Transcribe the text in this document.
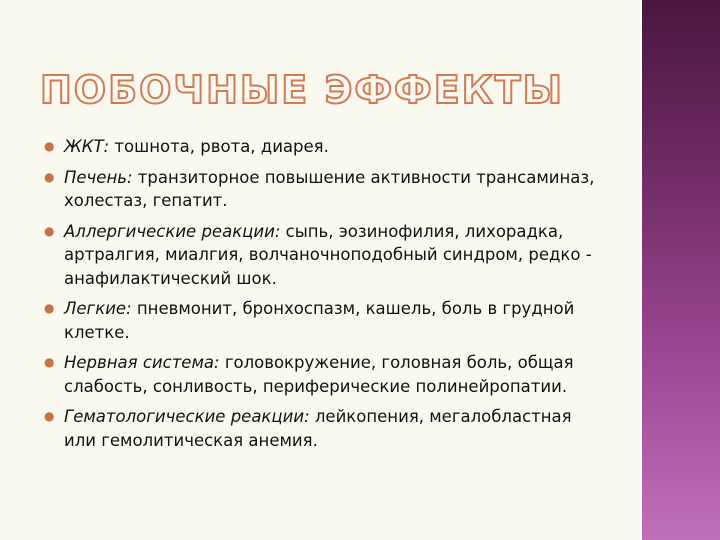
ПОБОЧНЫЕ ЭФФЕКТЫ
● ЖКТ: тошнота, рвота, диарея.
● Печень: транзиторное повышение активности трансаминаз, холестаз, гепатит.
● Аллергические реакции: сыпь, эозинофилия, лихорадка, артралгия, миалгия, волчаночноподобный синдром, редко - анафилактический шок.
● Легкие: пневмонит, бронхоспазм, кашель, боль в грудной клетке.
● Нервная система: головокружение, головная боль, общая слабость, сонливость, периферические полинейропатии.
● Гематологические реакции: лейкопения, мегалобластная или гемолитическая анемия.
